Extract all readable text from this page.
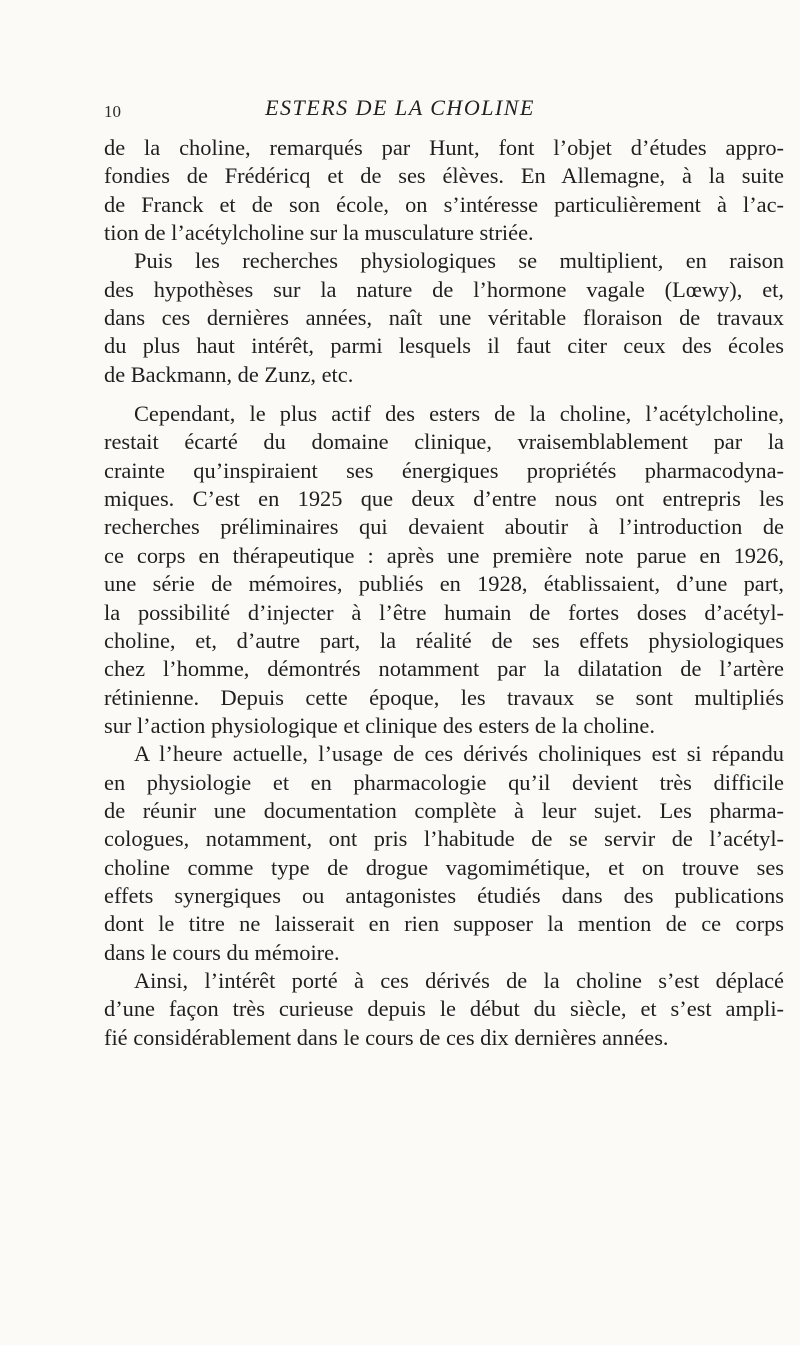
10	ESTERS DE LA CHOLINE
de la choline, remarqués par Hunt, font l’objet d’études appro-
fondies de Frédéricq et de ses élèves. En Allemagne, à la suite
de Franck et de son école, on s’intéresse particulièrement à l’ac-
tion de l’acétylcholine sur la musculature striée.
Puis les recherches physiologiques se multiplient, en raison
des hypothèses sur la nature de l’hormone vagale (Lœwy), et,
dans ces dernières années, naît une véritable floraison de travaux
du plus haut intérêt, parmi lesquels il faut citer ceux des écoles
de Backmann, de Zunz, etc.
Cependant, le plus actif des esters de la choline, l’acétylcholine,
restait écarté du domaine clinique, vraisemblablement par la
crainte qu’inspiraient ses énergiques propriétés pharmacodyna-
miques. C’est en 1925 que deux d’entre nous ont entrepris les
recherches préliminaires qui devaient aboutir à l’introduction de
ce corps en thérapeutique : après une première note parue en 1926,
une série de mémoires, publiés en 1928, établissaient, d’une part,
la possibilité d’injecter à l’être humain de fortes doses d’acétyl-
choline, et, d’autre part, la réalité de ses effets physiologiques
chez l’homme, démontrés notamment par la dilatation de l’artère
rétinienne. Depuis cette époque, les travaux se sont multipliés
sur l’action physiologique et clinique des esters de la choline.
A l’heure actuelle, l’usage de ces dérivés choliniques est si répandu
en physiologie et en pharmacologie qu’il devient très difficile
de réunir une documentation complète à leur sujet. Les pharma-
cologues, notamment, ont pris l’habitude de se servir de l’acétyl-
choline comme type de drogue vagomimétique, et on trouve ses
effets synergiques ou antagonistes étudiés dans des publications
dont le titre ne laisserait en rien supposer la mention de ce corps
dans le cours du mémoire.
Ainsi, l’intérêt porté à ces dérivés de la choline s’est déplacé
d’une façon très curieuse depuis le début du siècle, et s’est ampli-
fié considérablement dans le cours de ces dix dernières années.
